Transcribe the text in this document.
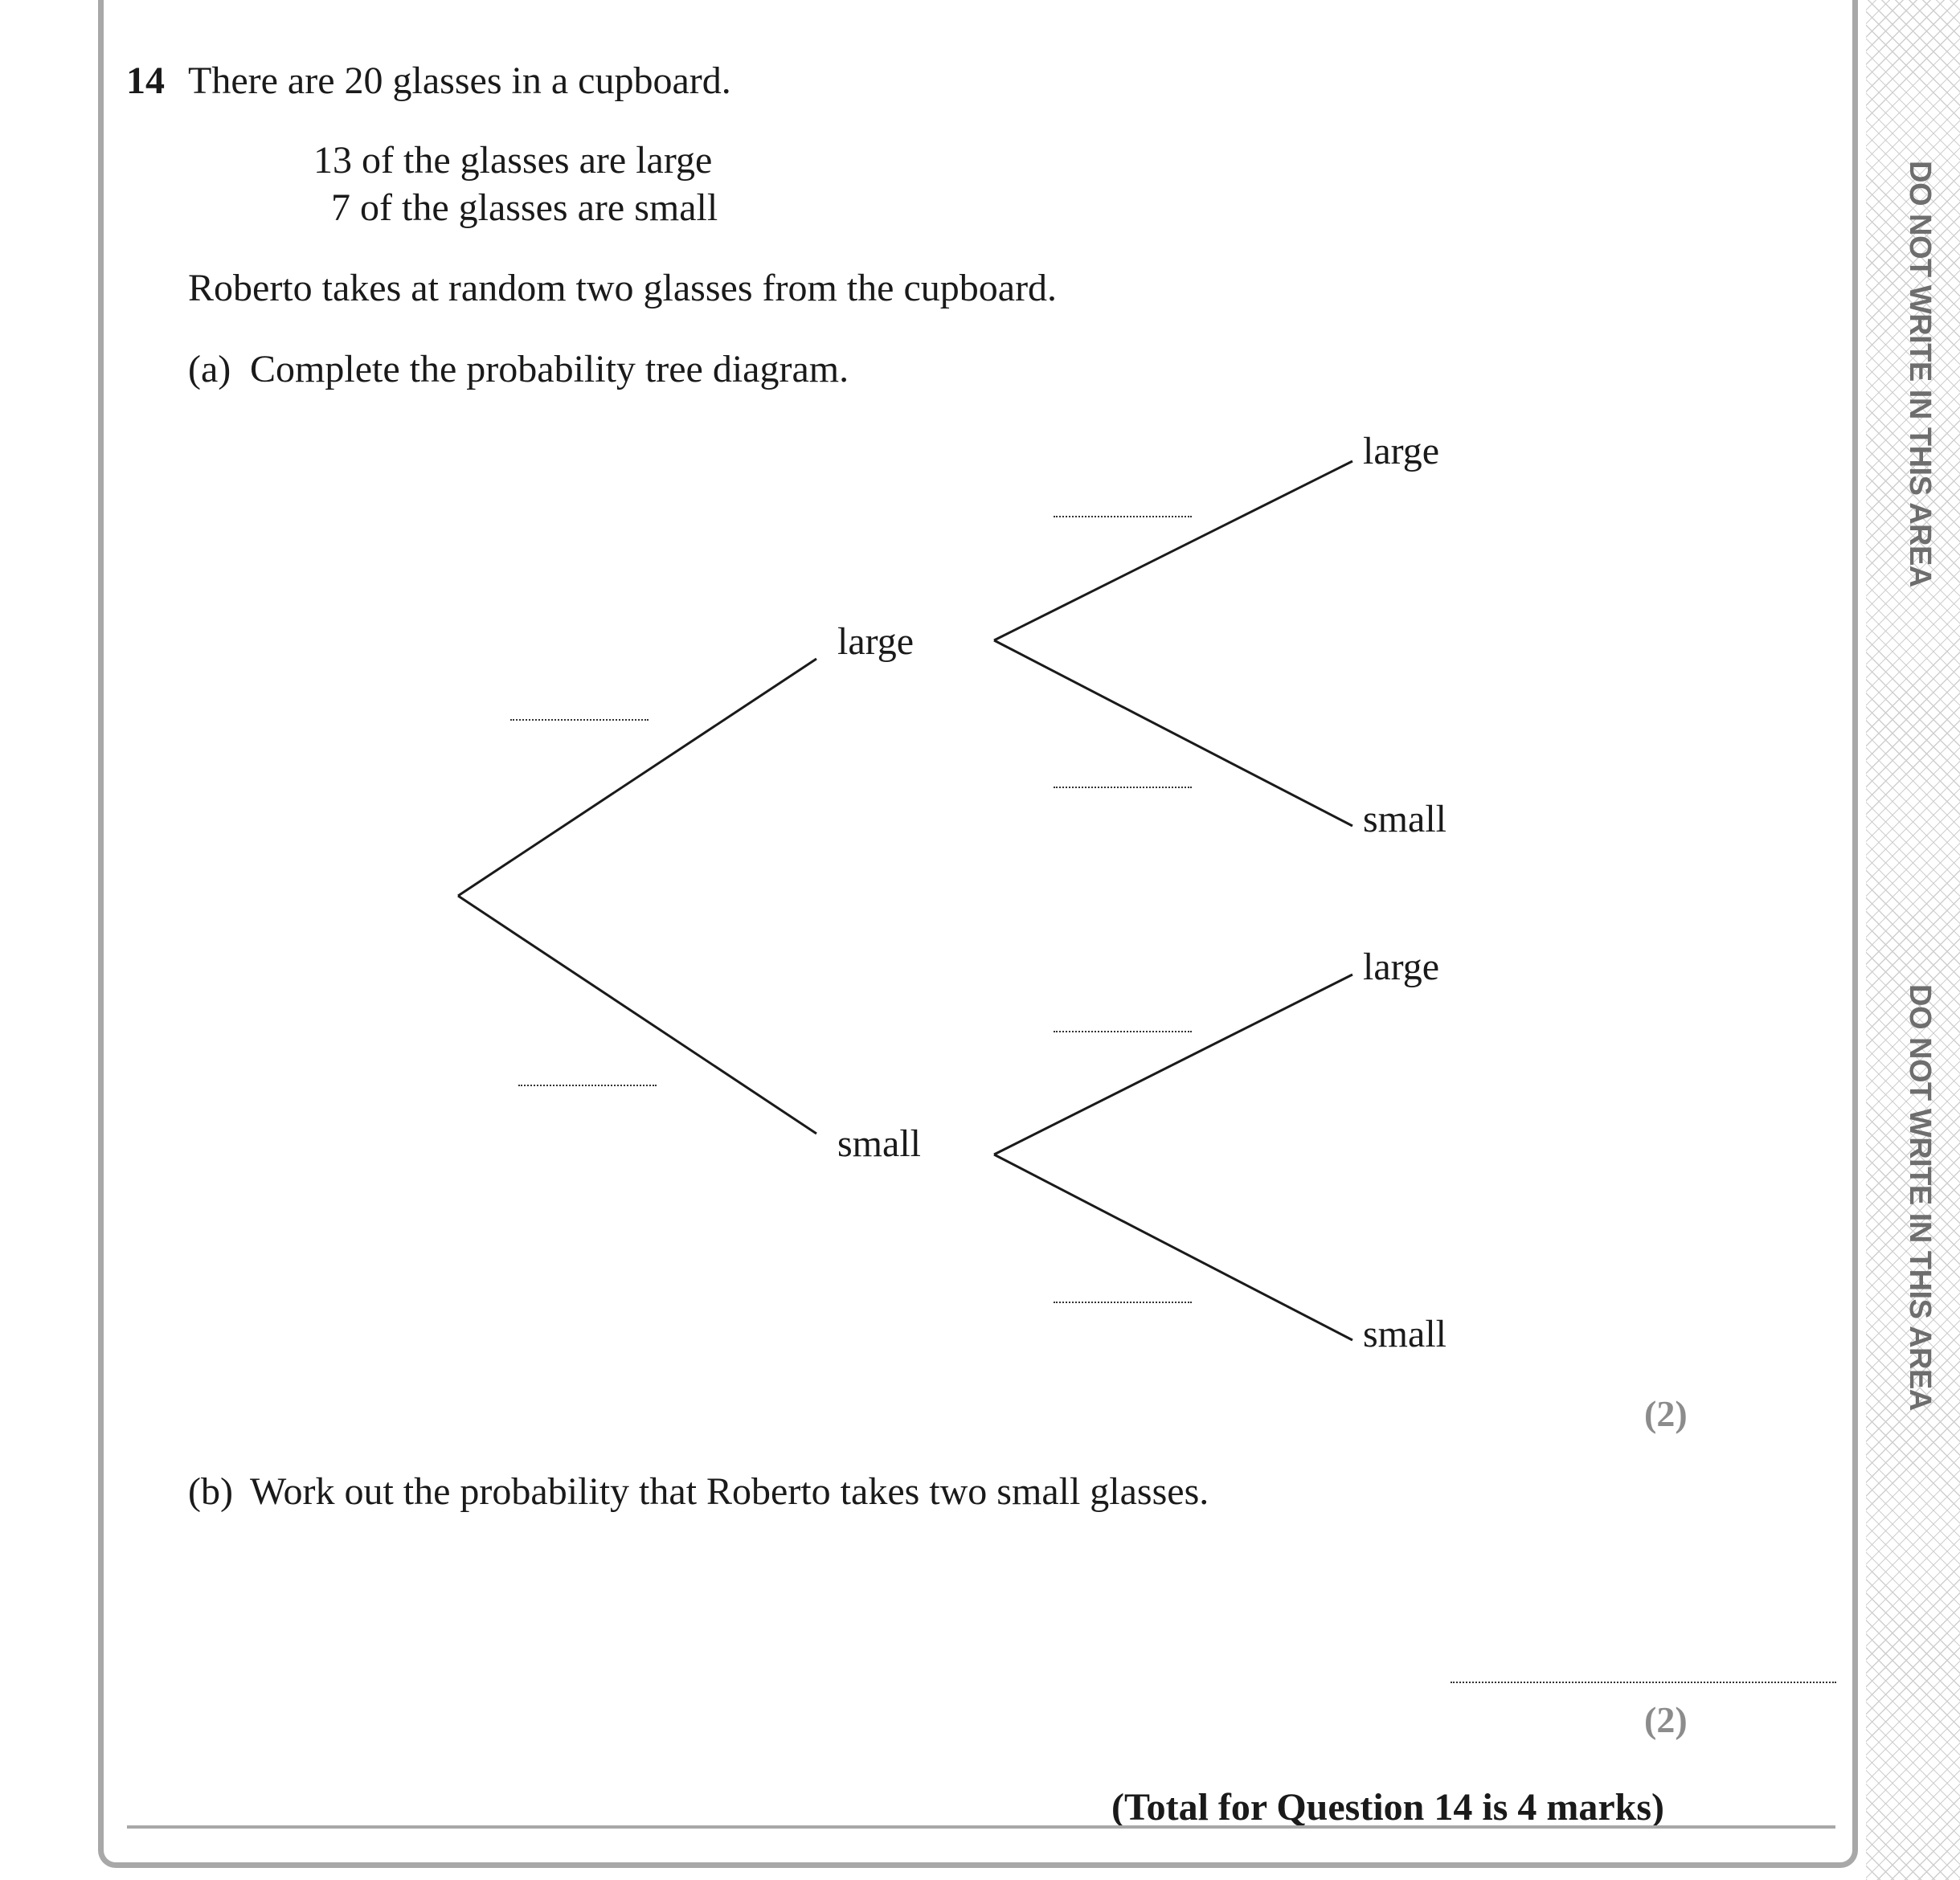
DO NOT WRITE IN THIS AREA
DO NOT WRITE IN THIS AREA
14 There are 20 glasses in a cupboard.
13 of the glasses are large
7 of the glasses are small
Roberto takes at random two glasses from the cupboard.
(a) Complete the probability tree diagram.
large
small
large
small
large
small
(2)
(b) Work out the probability that Roberto takes two small glasses.
(2)
(Total for Question 14 is 4 marks)
